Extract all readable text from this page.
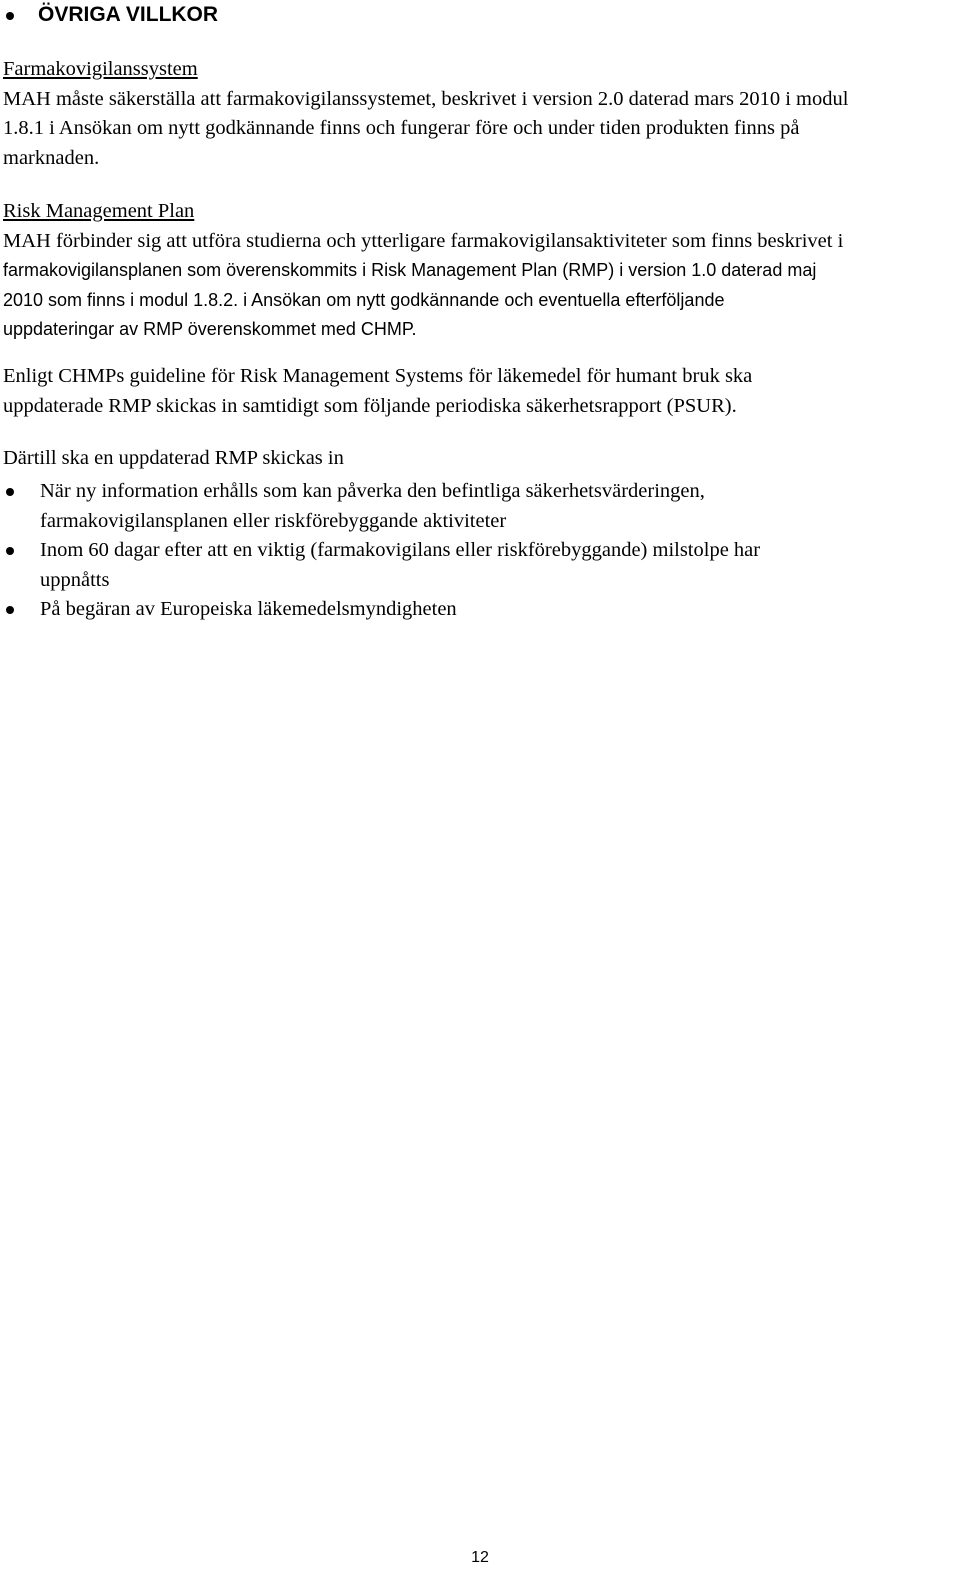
ÖVRIGA VILLKOR
Farmakovigilanssystem
MAH måste säkerställa att farmakovigilanssystemet, beskrivet i version 2.0 daterad mars 2010 i modul
1.8.1 i Ansökan om nytt godkännande finns och fungerar före och under tiden produkten finns på
marknaden.
Risk Management Plan
MAH förbinder sig att utföra studierna och ytterligare farmakovigilansaktiviteter som finns beskrivet i
farmakovigilansplanen som överenskommits i Risk Management Plan (RMP) i version 1.0 daterad maj
2010 som finns i modul 1.8.2. i Ansökan om nytt godkännande och eventuella efterföljande
uppdateringar av RMP överenskommet med CHMP.
Enligt CHMPs guideline för Risk Management Systems för läkemedel för humant bruk ska
uppdaterade RMP skickas in samtidigt som följande periodiska säkerhetsrapport (PSUR).
Därtill ska en uppdaterad RMP skickas in
När ny information erhålls som kan påverka den befintliga säkerhetsvärderingen,
farmakovigilansplanen eller riskförebyggande aktiviteter
Inom 60 dagar efter att en viktig (farmakovigilans eller riskförebyggande) milstolpe har
uppnåtts
På begäran av Europeiska läkemedelsmyndigheten
12
